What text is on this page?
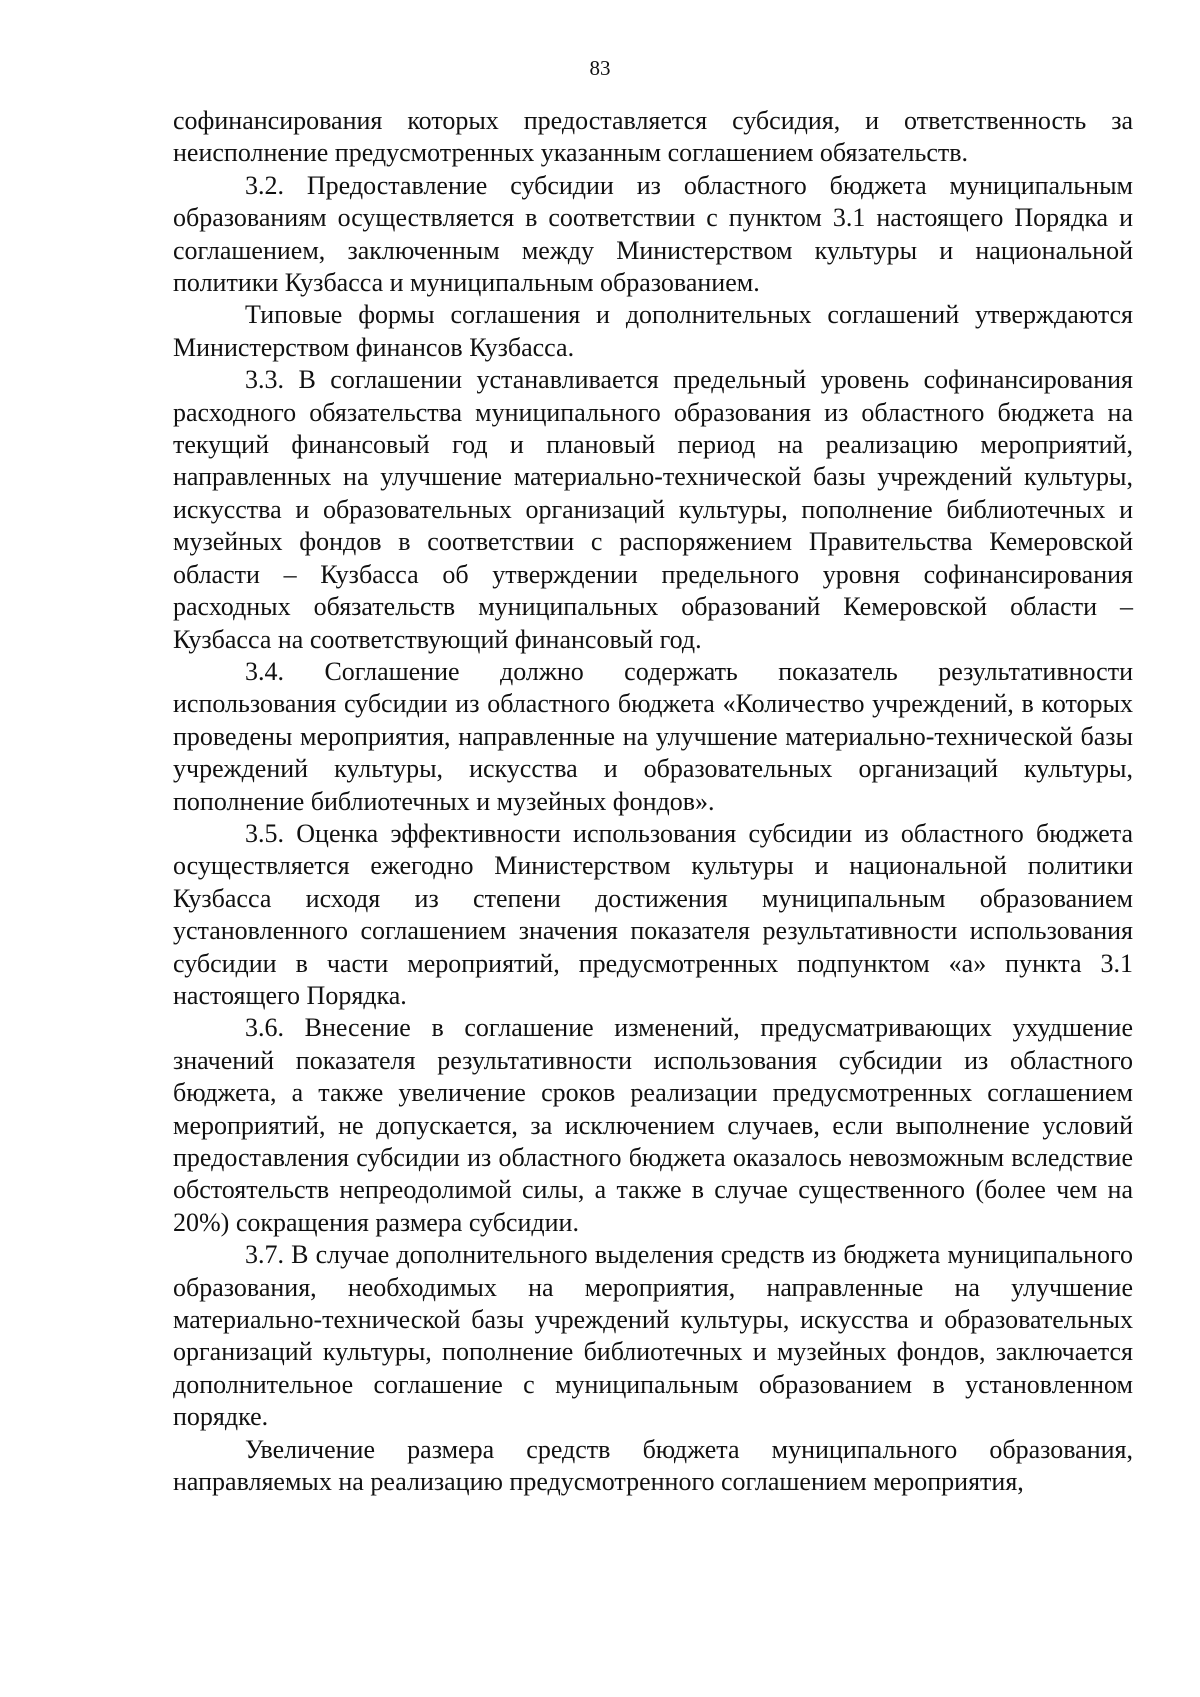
83

софинансирования которых предоставляется субсидия, и ответственность за неисполнение предусмотренных указанным соглашением обязательств.

3.2. Предоставление субсидии из областного бюджета муниципальным образованиям осуществляется в соответствии с пунктом 3.1 настоящего Порядка и соглашением, заключенным между Министерством культуры и национальной политики Кузбасса и муниципальным образованием.

Типовые формы соглашения и дополнительных соглашений утверждаются Министерством финансов Кузбасса.

3.3. В соглашении устанавливается предельный уровень софинансирования расходного обязательства муниципального образования из областного бюджета на текущий финансовый год и плановый период на реализацию мероприятий, направленных на улучшение материально-технической базы учреждений культуры, искусства и образовательных организаций культуры, пополнение библиотечных и музейных фондов в соответствии с распоряжением Правительства Кемеровской области – Кузбасса об утверждении предельного уровня софинансирования расходных обязательств муниципальных образований Кемеровской области – Кузбасса на соответствующий финансовый год.

3.4. Соглашение должно содержать показатель результативности использования субсидии из областного бюджета «Количество учреждений, в которых проведены мероприятия, направленные на улучшение материально-технической базы учреждений культуры, искусства и образовательных организаций культуры, пополнение библиотечных и музейных фондов».

3.5. Оценка эффективности использования субсидии из областного бюджета осуществляется ежегодно Министерством культуры и национальной политики Кузбасса исходя из степени достижения муниципальным образованием установленного соглашением значения показателя результативности использования субсидии в части мероприятий, предусмотренных подпунктом «а» пункта 3.1 настоящего Порядка.

3.6. Внесение в соглашение изменений, предусматривающих ухудшение значений показателя результативности использования субсидии из областного бюджета, а также увеличение сроков реализации предусмотренных соглашением мероприятий, не допускается, за исключением случаев, если выполнение условий предоставления субсидии из областного бюджета оказалось невозможным вследствие обстоятельств непреодолимой силы, а также в случае существенного (более чем на 20%) сокращения размера субсидии.

3.7. В случае дополнительного выделения средств из бюджета муниципального образования, необходимых на мероприятия, направленные на улучшение материально-технической базы учреждений культуры, искусства и образовательных организаций культуры, пополнение библиотечных и музейных фондов, заключается дополнительное соглашение с муниципальным образованием в установленном порядке.

Увеличение размера средств бюджета муниципального образования, направляемых на реализацию предусмотренного соглашением мероприятия,
